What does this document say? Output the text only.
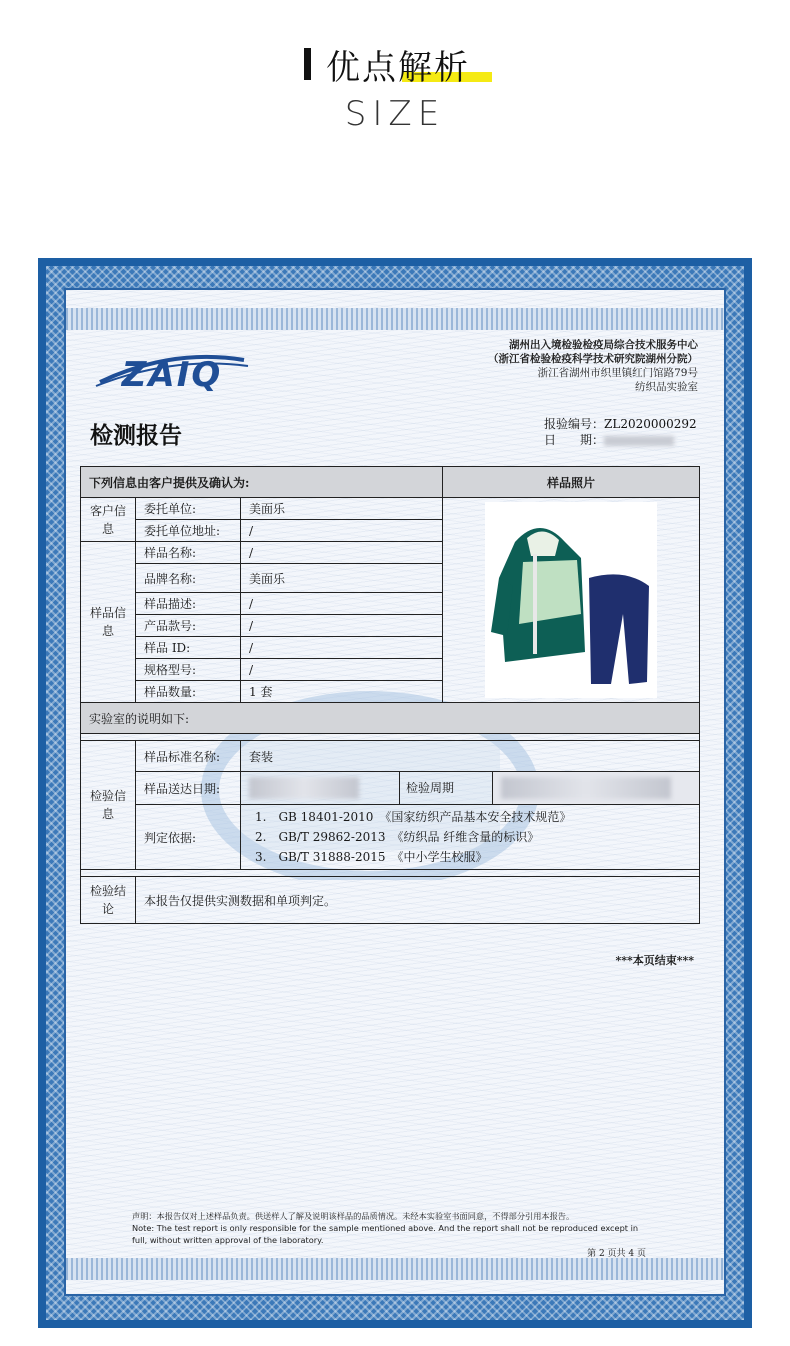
优点解析
SIZE
ZAIQ
湖州出入境检验检疫局综合技术服务中心
（浙江省检验检疫科学技术研究院湖州分院）
浙江省湖州市织里镇红门馆路79号
纺织品实验室
检测报告	报验编号：ZL2020000292
日　　期：
下列信息由客户提供及确认为:			样品照片
客户信息	委托单位:	美面乐	

	委托单位地址:	/	
样品信息	样品名称:	/	
	品牌名称:	美面乐	
	样品描述:	/	
	产品款号:	/	
	样品 ID:	/	
	规格型号:	/	
	样品数量:	1 套	
实验室的说明如下:			

检验信息	样品标准名称:	套装	
	样品送达日期:	检验周期	

	判定依据:	1.　GB 18401-2010　《国家纺织产品基本安全技术规范》
2.　GB/T 29862-2013　《纺织品 纤维含量的标识》
3.　GB/T 31888-2015　《中小学生校服》	

检验结论	本报告仅提供实测数据和单项判定。		
***本页结束***
声明：本报告仅对上述样品负责。供送样人了解及说明该样品的品质情况。未经本实验室书面同意，不得部分引用本报告。
Note: The test report is only responsible for the sample mentioned above. And the report shall not be reproduced except in full, without written approval of the laboratory.
第 2 页共 4 页
